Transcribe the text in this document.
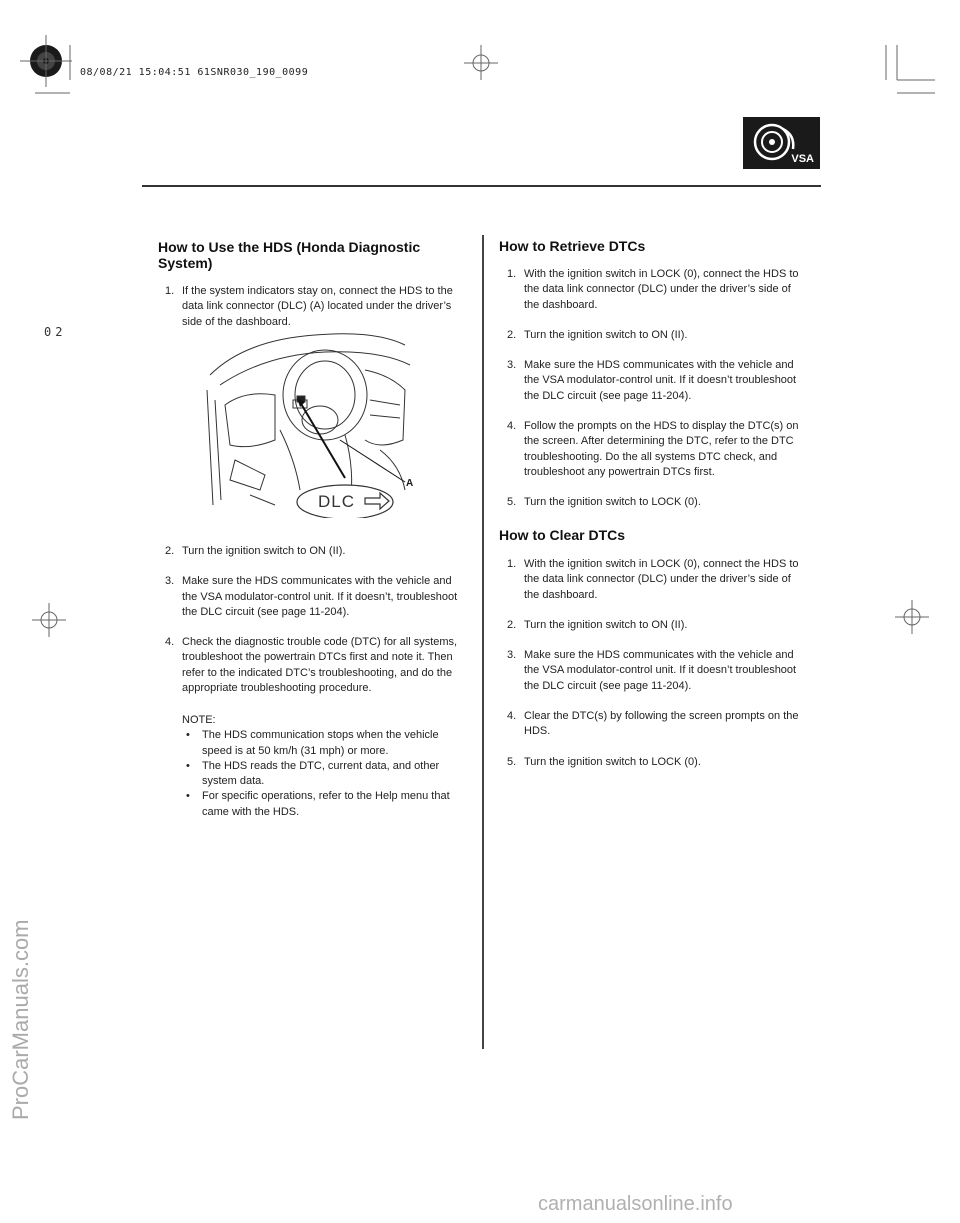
08/08/21 15:04:51 61SNR030_190_0099
02
VSA
How to Use the HDS (Honda Diagnostic System)
1. If the system indicators stay on, connect the HDS to the data link connector (DLC) (A) located under the driver’s side of the dashboard.
DLC
A
2. Turn the ignition switch to ON (II).
3. Make sure the HDS communicates with the vehicle and the VSA modulator-control unit. If it doesn’t, troubleshoot the DLC circuit (see page 11-204).
4. Check the diagnostic trouble code (DTC) for all systems, troubleshoot the powertrain DTCs first and note it. Then refer to the indicated DTC’s troubleshooting, and do the appropriate troubleshooting procedure.
NOTE:
• The HDS communication stops when the vehicle speed is at 50 km/h (31 mph) or more.
• The HDS reads the DTC, current data, and other system data.
• For specific operations, refer to the Help menu that came with the HDS.
How to Retrieve DTCs
1. With the ignition switch in LOCK (0), connect the HDS to the data link connector (DLC) under the driver’s side of the dashboard.
2. Turn the ignition switch to ON (II).
3. Make sure the HDS communicates with the vehicle and the VSA modulator-control unit. If it doesn’t troubleshoot the DLC circuit (see page 11-204).
4. Follow the prompts on the HDS to display the DTC(s) on the screen. After determining the DTC, refer to the DTC troubleshooting. Do the all systems DTC check, and troubleshoot any powertrain DTCs first.
5. Turn the ignition switch to LOCK (0).
How to Clear DTCs
1. With the ignition switch in LOCK (0), connect the HDS to the data link connector (DLC) under the driver’s side of the dashboard.
2. Turn the ignition switch to ON (II).
3. Make sure the HDS communicates with the vehicle and the VSA modulator-control unit. If it doesn’t troubleshoot the DLC circuit (see page 11-204).
4. Clear the DTC(s) by following the screen prompts on the HDS.
5. Turn the ignition switch to LOCK (0).
ProCarManuals.com
carmanualsonline.info
